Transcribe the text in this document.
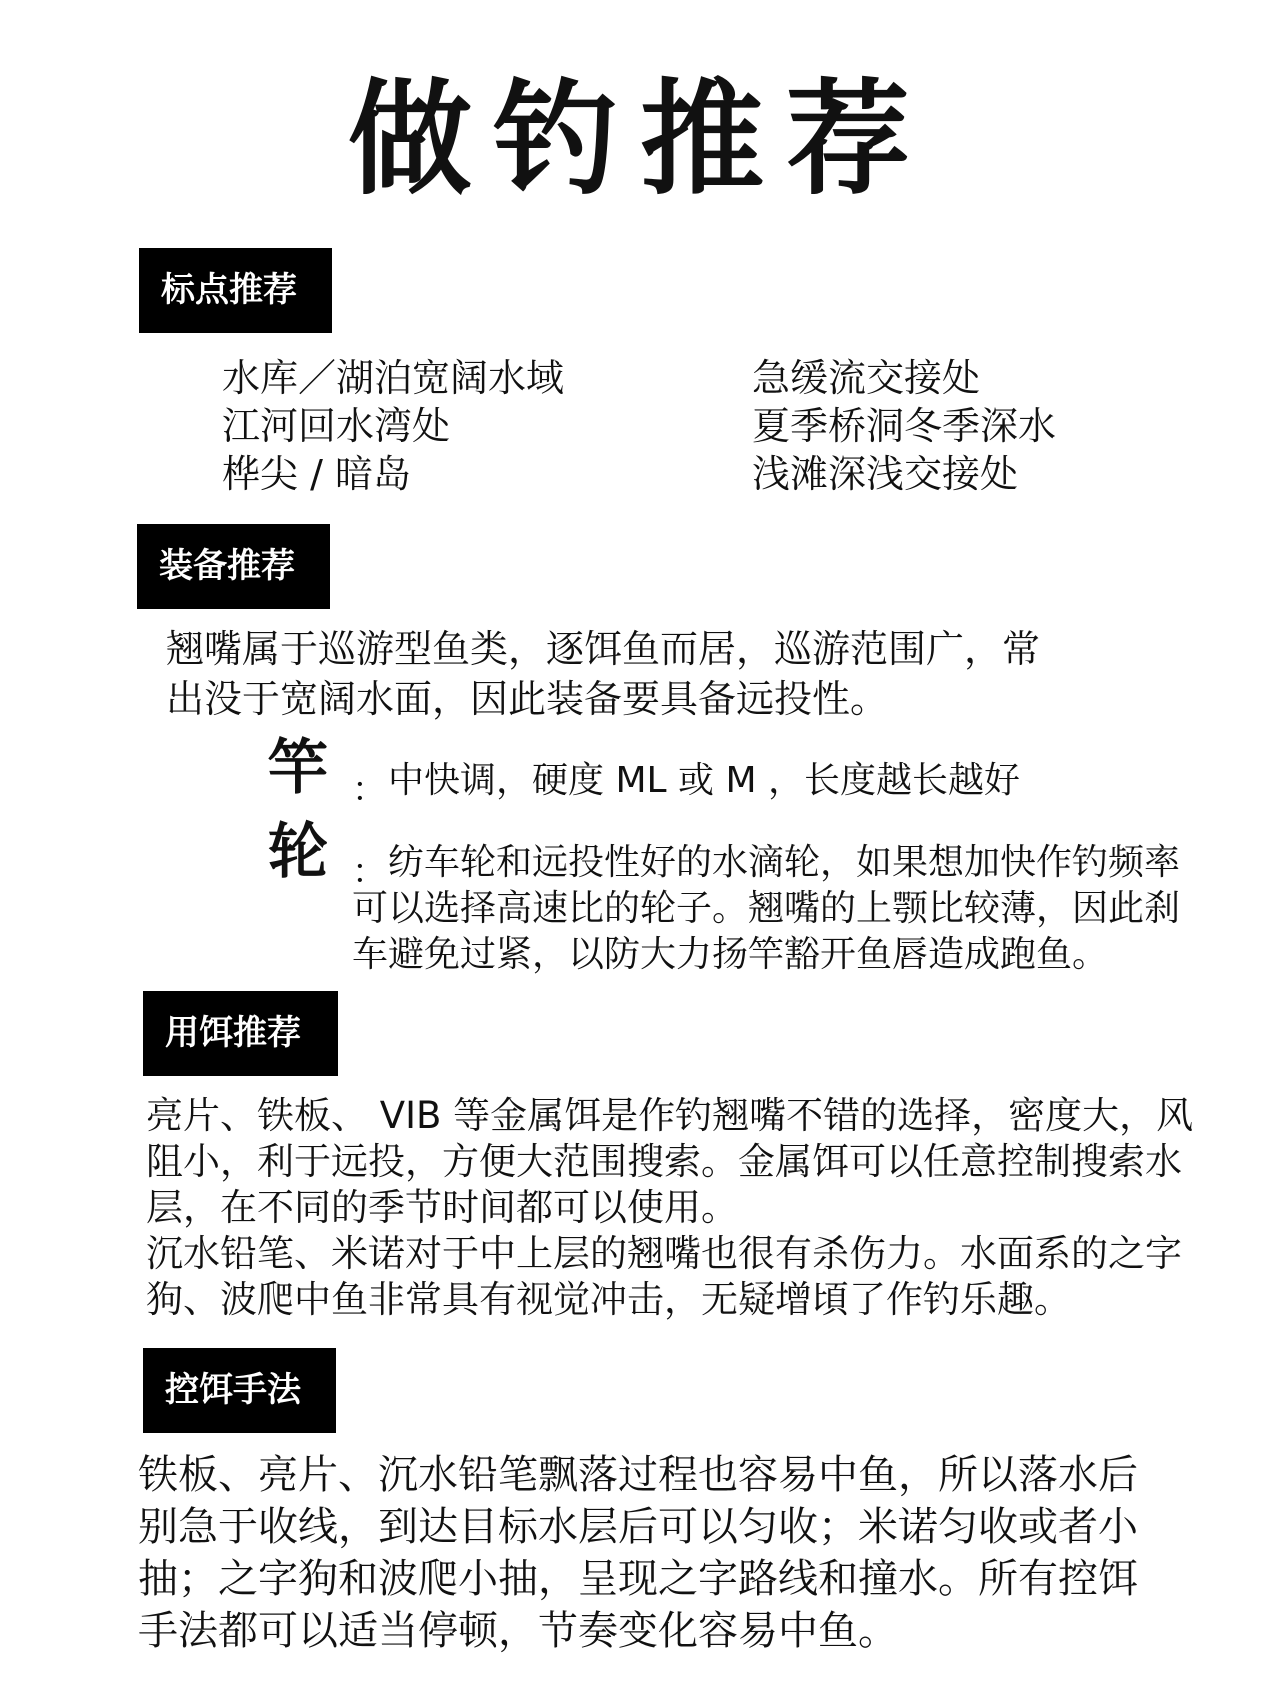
做钓推荐
标点推荐
水库／湖泊宽阔水域
江河回水湾处
桦尖 / 暗岛
急缓流交接处
夏季桥洞冬季深水
浅滩深浅交接处
装备推荐
翘嘴属于巡游型鱼类，逐饵鱼而居，巡游范围广，常
出没于宽阔水面，因此装备要具备远投性。
竿 ： 中快调，硬度 ML 或 M ，长度越长越好
轮 ： 纺车轮和远投性好的水滴轮，如果想加快作钓频率
可以选择高速比的轮子。翘嘴的上颚比较薄，因此刹
车避免过紧，以防大力扬竿豁开鱼唇造成跑鱼。
用饵推荐
亮片、铁板、 VIB 等金属饵是作钓翘嘴不错的选择，密度大，风
阻小，利于远投，方便大范围搜索。金属饵可以任意控制搜索水
层，在不同的季节时间都可以使用。
沉水铅笔、米诺对于中上层的翘嘴也很有杀伤力。水面系的之字
狗、波爬中鱼非常具有视觉冲击，无疑增頃了作钓乐趣。
控饵手法
铁板、亮片、沉水铅笔飘落过程也容易中鱼，所以落水后
别急于收线，到达目标水层后可以匀收；米诺匀收或者小
抽；之字狗和波爬小抽，呈现之字路线和撞水。所有控饵
手法都可以适当停顿，节奏变化容易中鱼。
